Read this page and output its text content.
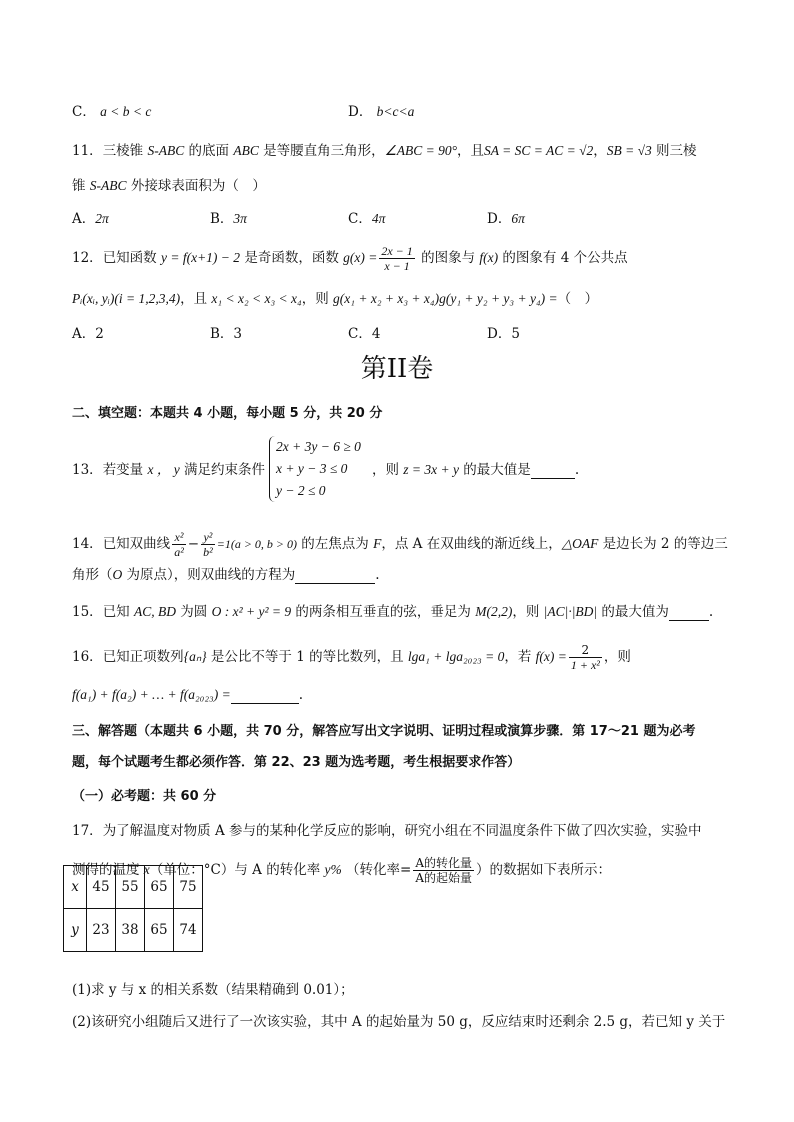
C． a < b < c	D． b<c<a
11．三棱锥 S-ABC 的底面 ABC 是等腰直角三角形，∠ABC = 90°，且SA = SC = AC = √2，SB = √3 则三棱
锥 S-ABC 外接球表面积为（　）
A．2π	B．3π	C．4π	D．6π
12．已知函数 y = f(x+1) − 2 是奇函数，函数 $g(x) = \frac{2x - 1}{x - 1}$ 的图象与 f(x) 的图象有 4 个公共点
Pᵢ(xᵢ, yᵢ)(i = 1,2,3,4)，且 x₁ < x₂ < x₃ < x₄，则 g(x₁ + x₂ + x₃ + x₄)g(y₁ + y₂ + y₃ + y₄) =（　）
A．2	B．3	C．4	D．5
第II卷
二、填空题：本题共 4 小题，每小题 5 分，共 20 分
13．若变量 x ， y 满足约束条件
2x + 3y − 6 ≥ 0
x + y − 3 ≤ 0
y − 2 ≤ 0
，则 z = 3x + y 的最大值是	.
14．已知双曲线 $\frac{\text{x²}}{\text{a²}} - \frac{\text{y²}}{\text{b²}} =1(a > 0$, b > 0) 的左焦点为 F，点 A 在双曲线的渐近线上，△OAF 是边长为 2 的等边三
角形（O 为原点），则双曲线的方程为	.
15．已知 AC, BD 为圆 O : x² + y² = 9 的两条相互垂直的弦，垂足为 M(2,2)，则 |AC|·|BD| 的最大值为	.
16．已知正项数列{aₙ} 是公比不等于 1 的等比数列，且 lga₁ + lga₂₀₂₃ = 0，若 $f(x) = \frac{2}{\text{1 + x²}}$ ，则
f(a₁) + f(a₂) + … + f(a₂₀₂₃) =	.
三、解答题（本题共 6 小题，共 70 分，解答应写出文字说明、证明过程或演算步骤．第 17～21 题为必考
题，每个试题考生都必须作答．第 22、23 题为选考题，考生根据要求作答）
（一）必考题：共 60 分
17．为了解温度对物质 A 参与的某种化学反应的影响，研究小组在不同温度条件下做了四次实验，实验中
测得的温度 x（单位：°C）与 A 的转化率 y% （转化率= $\frac{\text{A的转化量}}{\text{A的起始量}}$ ）的数据如下表所示：
x	45	55	65	75
y	23	38	65	74
(1)求 y 与 x 的相关系数（结果精确到 0.01）；
(2)该研究小组随后又进行了一次该实验，其中 A 的起始量为 50 g，反应结束时还剩余 2.5 g，若已知 y 关于
